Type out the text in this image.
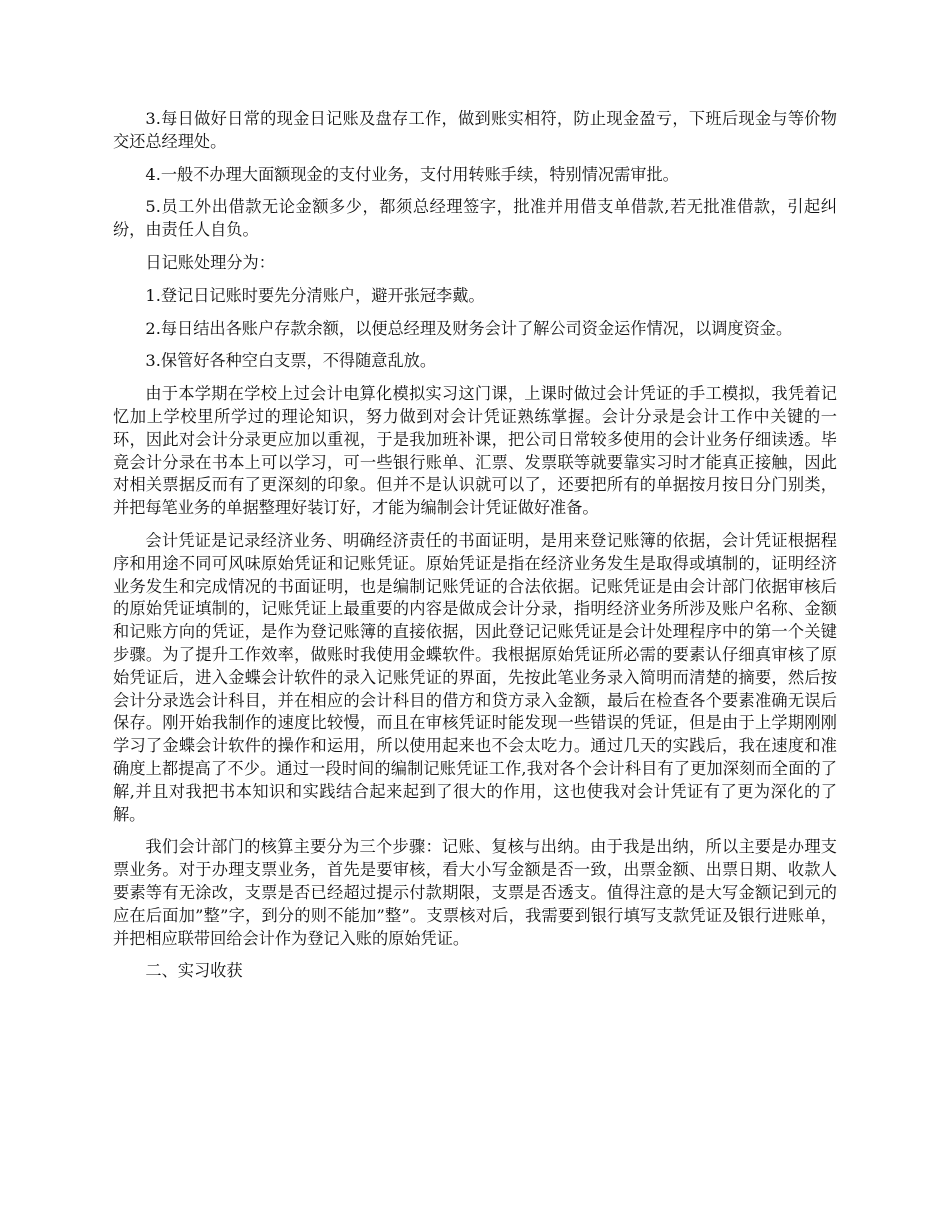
3.每日做好日常的现金日记账及盘存工作，做到账实相符，防止现金盈亏，下班后现金与等价物交还总经理处。

4.一般不办理大面额现金的支付业务，支付用转账手续，特别情况需审批。

5.员工外出借款无论金额多少，都须总经理签字，批准并用借支单借款,若无批准借款，引起纠纷，由责任人自负。

日记账处理分为：

1.登记日记账时要先分清账户，避开张冠李戴。

2.每日结出各账户存款余额，以便总经理及财务会计了解公司资金运作情况，以调度资金。

3.保管好各种空白支票，不得随意乱放。

由于本学期在学校上过会计电算化模拟实习这门课，上课时做过会计凭证的手工模拟，我凭着记忆加上学校里所学过的理论知识，努力做到对会计凭证熟练掌握。会计分录是会计工作中关键的一环，因此对会计分录更应加以重视，于是我加班补课，把公司日常较多使用的会计业务仔细读透。毕竟会计分录在书本上可以学习，可一些银行账单、汇票、发票联等就要靠实习时才能真正接触，因此对相关票据反而有了更深刻的印象。但并不是认识就可以了，还要把所有的单据按月按日分门别类，并把每笔业务的单据整理好装订好，才能为编制会计凭证做好准备。

会计凭证是记录经济业务、明确经济责任的书面证明，是用来登记账簿的依据，会计凭证根据程序和用途不同可风味原始凭证和记账凭证。原始凭证是指在经济业务发生是取得或填制的，证明经济业务发生和完成情况的书面证明，也是编制记账凭证的合法依据。记账凭证是由会计部门依据审核后的原始凭证填制的，记账凭证上最重要的内容是做成会计分录，指明经济业务所涉及账户名称、金额和记账方向的凭证，是作为登记账簿的直接依据，因此登记记账凭证是会计处理程序中的第一个关键步骤。为了提升工作效率，做账时我使用金蝶软件。我根据原始凭证所必需的要素认仔细真审核了原始凭证后，进入金蝶会计软件的录入记账凭证的界面，先按此笔业务录入简明而清楚的摘要，然后按会计分录选会计科目，并在相应的会计科目的借方和贷方录入金额，最后在检查各个要素准确无误后保存。刚开始我制作的速度比较慢，而且在审核凭证时能发现一些错误的凭证，但是由于上学期刚刚学习了金蝶会计软件的操作和运用，所以使用起来也不会太吃力。通过几天的实践后，我在速度和准确度上都提高了不少。通过一段时间的编制记账凭证工作,我对各个会计科目有了更加深刻而全面的了解,并且对我把书本知识和实践结合起来起到了很大的作用，这也使我对会计凭证有了更为深化的了解。

我们会计部门的核算主要分为三个步骤：记账、复核与出纳。由于我是出纳，所以主要是办理支票业务。对于办理支票业务，首先是要审核，看大小写金额是否一致，出票金额、出票日期、收款人要素等有无涂改，支票是否已经超过提示付款期限，支票是否透支。值得注意的是大写金额记到元的应在后面加”整”字，到分的则不能加”整”。支票核对后，我需要到银行填写支款凭证及银行进账单，并把相应联带回给会计作为登记入账的原始凭证。

二、实习收获
